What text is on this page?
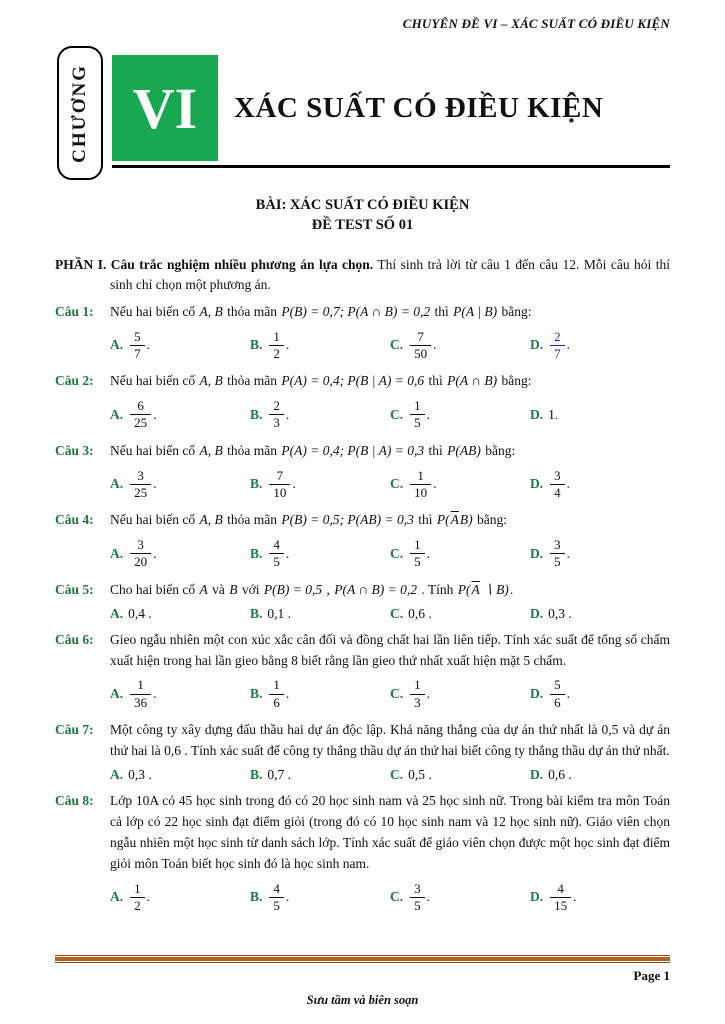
CHUYÊN ĐỀ VI – XÁC SUẤT CÓ ĐIỀU KIỆN
CHƯƠNG VI	XÁC SUẤT CÓ ĐIỀU KIỆN
BÀI: XÁC SUẤT CÓ ĐIỀU KIỆN
ĐỀ TEST SỐ 01
PHẦN I. Câu trắc nghiệm nhiều phương án lựa chọn. Thí sinh trả lời từ câu 1 đến câu 12. Mỗi câu hỏi thí sinh chỉ chọn một phương án.
Câu 1: Nếu hai biến cố A, B thỏa mãn P(B) = 0,7; P(A ∩ B) = 0,2 thì P(A | B) bằng:
A. $\frac{5}{7}$ .	B. $\frac{1}{2}$ .	C. $\frac{7}{50}$ .	D. $\frac{2}{7}$ .
Câu 2: Nếu hai biến cố A, B thỏa mãn P(A) = 0,4; P(B | A) = 0,6 thì P(A ∩ B) bằng:
A. $\frac{6}{25}$ .	B. $\frac{2}{3}$ .	C. $\frac{1}{5}$ .	D. 1 .
Câu 3: Nếu hai biến cố A, B thỏa mãn P(A) = 0,4; P(B | A) = 0,3 thì P(AB) bằng:
A. $\frac{3}{25}$ .	B. $\frac{7}{10}$ .	C. $\frac{1}{10}$ .	D. $\frac{3}{4}$ .
Câu 4: Nếu hai biến cố A, B thỏa mãn P(B) = 0,5; P(AB) = 0,3 thì $P(\overline{A}B)$ bằng:
A. $\frac{3}{20}$ .	B. $\frac{4}{5}$ .	C. $\frac{1}{5}$ .	D. $\frac{3}{5}$ .
Câu 5: Cho hai biến cố A và B với P(B) = 0,5 , P(A ∩ B) = 0,2 . Tính $P(\overline{A}$ ∖ B).
A. 0,4 .	B. 0,1 .	C. 0,6 .	D. 0,3 .
Câu 6: Gieo ngẫu nhiên một con xúc xắc cân đối và đồng chất hai lần liên tiếp. Tính xác suất để tổng số chấm xuất hiện trong hai lần gieo bằng 8 biết rằng lần gieo thứ nhất xuất hiện mặt 5 chấm.
A. $\frac{1}{36}$ .	B. $\frac{1}{6}$ .	C. $\frac{1}{3}$ .	D. $\frac{5}{6}$ .
Câu 7: Một công ty xây dựng đấu thầu hai dự án độc lập. Khả năng thắng của dự án thứ nhất là 0,5 và dự án thứ hai là 0,6 . Tính xác suất để công ty thắng thầu dự án thứ hai biết công ty thắng thầu dự án thứ nhất.
A. 0,3 .	B. 0,7 .	C. 0,5 .	D. 0,6 .
Câu 8: Lớp 10A có 45 học sinh trong đó có 20 học sinh nam và 25 học sinh nữ. Trong bài kiểm tra môn Toán cả lớp có 22 học sinh đạt điểm giỏi (trong đó có 10 học sinh nam và 12 học sinh nữ). Giáo viên chọn ngẫu nhiên một học sinh từ danh sách lớp. Tính xác suất để giáo viên chọn được một học sinh đạt điểm giỏi môn Toán biết học sinh đó là học sinh nam.
A. $\frac{1}{2}$ .	B. $\frac{4}{5}$ .	C. $\frac{3}{5}$ .	D. $\frac{4}{15}$ .
Page 1
Sưu tầm và biên soạn
